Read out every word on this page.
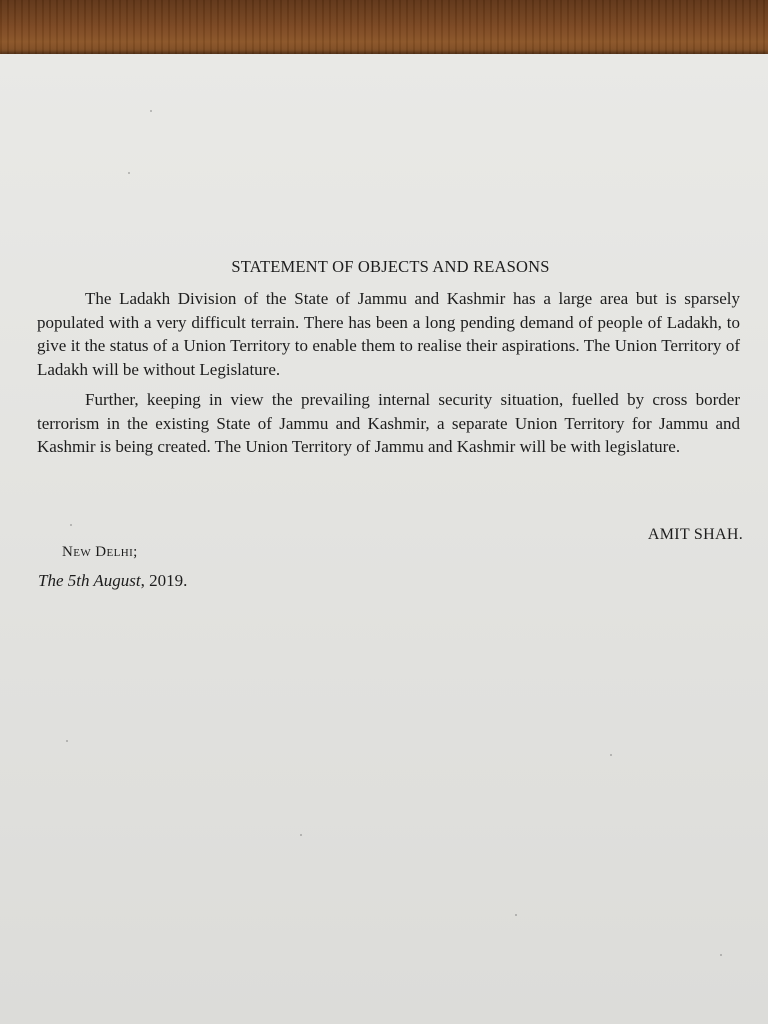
STATEMENT OF OBJECTS AND REASONS
The Ladakh Division of the State of Jammu and Kashmir has a large area but is sparsely populated with a very difficult terrain. There has been a long pending demand of people of Ladakh, to give it the status of a Union Territory to enable them to realise their aspirations. The Union Territory of Ladakh will be without Legislature.
Further, keeping in view the prevailing internal security situation, fuelled by cross border terrorism in the existing State of Jammu and Kashmir, a separate Union Territory for Jammu and Kashmir is being created. The Union Territory of Jammu and Kashmir will be with legislature.
AMIT SHAH.
New Delhi;
The 5th August, 2019.
